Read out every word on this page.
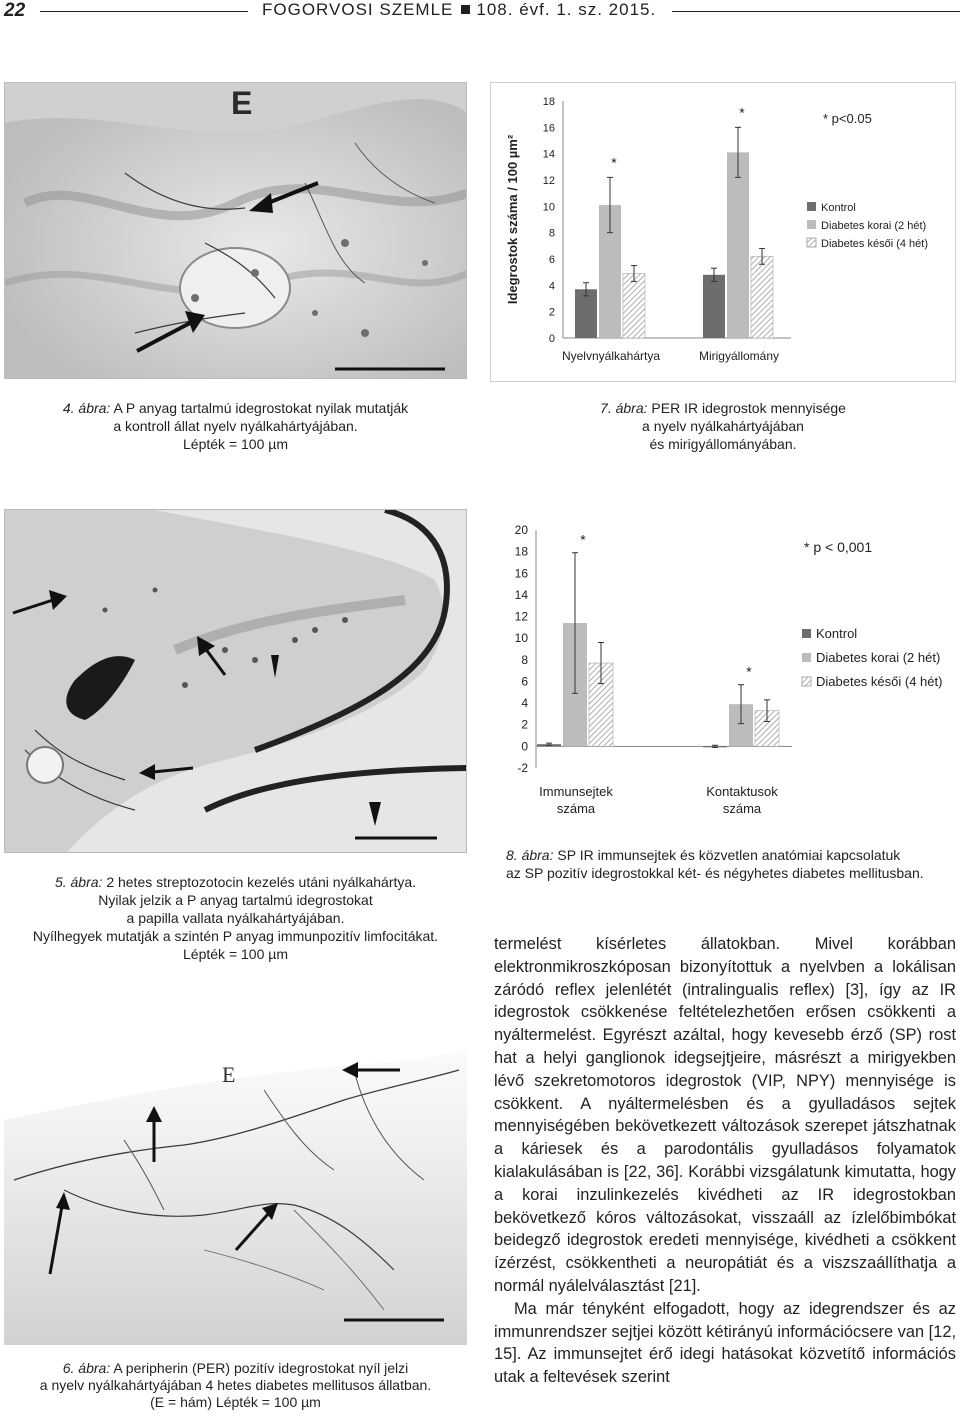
22	FOGORVOSI SZEMLE 108. évf. 1. sz. 2015.
E
4. ábra: A P anyag tartalmú idegrostokat nyilak mutatják
a kontroll állat nyelv nyálkahártyájában.
Lépték = 100 µm
0
2
4
6
8
10
12
14
16
18
Idegrostok száma / 100 µm²	*
Nyelvnyálkahártya
*
Mirigyállomány
* p<0.05
Kontrol
Diabetes korai (2 hét)
Diabetes késői (4 hét)
7. ábra: PER IR idegrostok mennyisége
a nyelv nyálkahártyájában
és mirigyállományában.
5. ábra: 2 hetes streptozotocin kezelés utáni nyálkahártya.
Nyilak jelzik a P anyag tartalmú idegrostokat
a papilla vallata nyálkahártyájában.
Nyílhegyek mutatják a szintén P anyag immunpozitív limfocitákat.
Lépték = 100 µm
-2
0
2
4
6
8
10
12
14
16
18
20
*
Immunsejtek
száma
*
Kontaktusok
száma
* p < 0,001
Kontrol
Diabetes korai (2 hét)
Diabetes késői (4 hét)
8. ábra: SP IR immunsejtek és közvetlen anatómiai kapcsolatuk
az SP pozitív idegrostokkal két- és négyhetes diabetes mellitusban.
E
6. ábra: A peripherin (PER) pozitív idegrostokat nyíl jelzi
a nyelv nyálkahártyájában 4 hetes diabetes mellitusos állatban.
(E = hám) Lépték = 100 µm

termelést kísérletes állatokban. Mivel korábban elektronmikroszkóposan bizonyítottuk a nyelvben a lokálisan záródó reflex jelenlétét (intralingualis reflex) [3], így az IR idegrostok csökkenése feltételezhetően erősen csökkenti a nyáltermelést. Egyrészt azáltal, hogy kevesebb érző (SP) rost hat a helyi ganglionok idegsejtjeire, másrészt a mirigyekben lévő szekretomotoros idegrostok (VIP, NPY) mennyisége is csökkent. A nyáltermelésben és a gyulladásos sejtek mennyiségében bekövetkezett változások szerepet játszhatnak a káriesek és a parodontális gyulladásos folyamatok kialakulásában is [22, 36]. Korábbi vizsgálatunk kimutatta, hogy a korai inzulinkezelés kivédheti az IR idegrostokban bekövetkező kóros változásokat, visszaáll az ízlelőbimbókat beidegző idegrostok eredeti mennyisége, kivédheti a csökkent ízérzést, csökkentheti a neuropátiát és a viszszaállíthatja a normál nyálelválasztást [21].

Ma már tényként elfogadott, hogy az idegrendszer és az immunrendszer sejtjei között kétirányú információcsere van [12, 15]. Az immunsejtet érő idegi hatásokat közvetítő információs utak a feltevések szerint
